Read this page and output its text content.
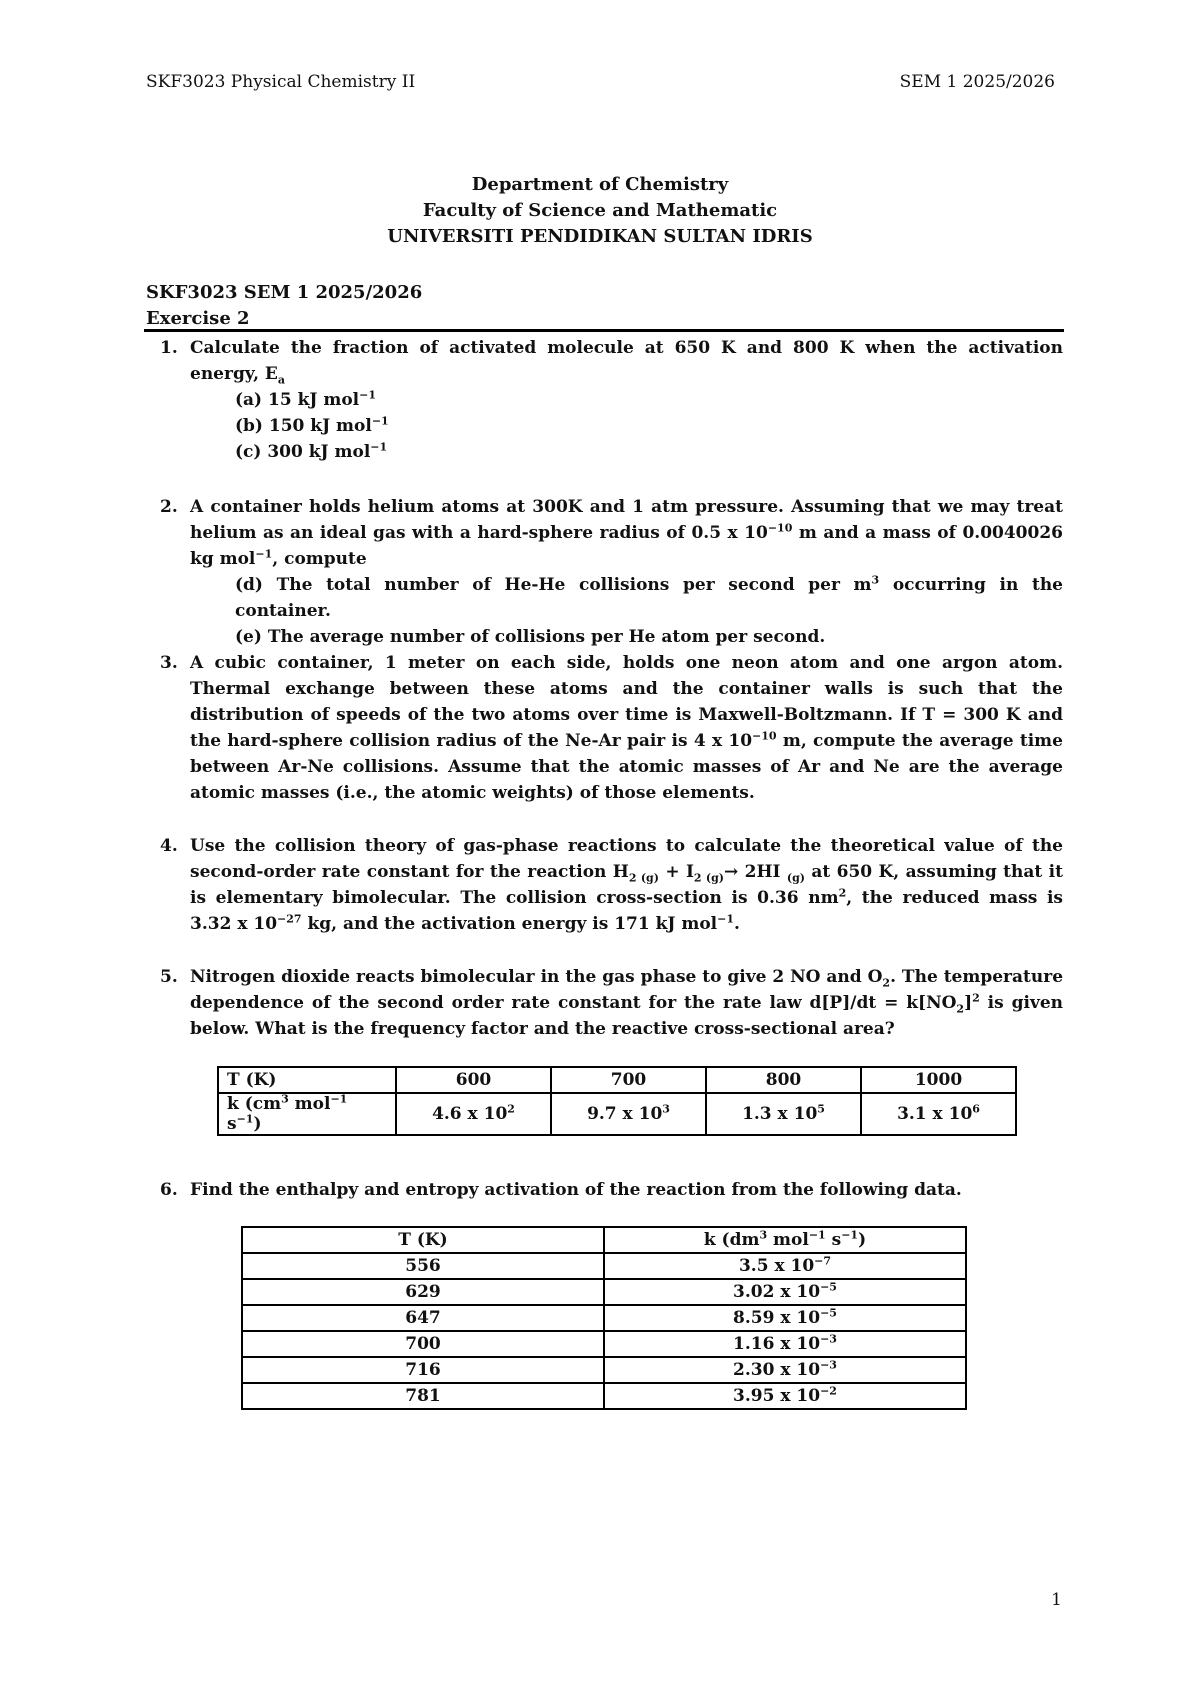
SKF3023 Physical Chemistry II	SEM 1 2025/2026
Department of Chemistry
Faculty of Science and Mathematic
UNIVERSITI PENDIDIKAN SULTAN IDRIS
SKF3023 SEM 1 2025/2026
Exercise 2
1. Calculate the fraction of activated molecule at 650 K and 800 K when the activation energy, $E_a$
(a) 15 kJ mol$^{-1}$
(b) 150 kJ mol$^{-1}$
(c) 300 kJ mol$^{-1}$
2. A container holds helium atoms at 300K and 1 atm pressure. Assuming that we may treat helium as an ideal gas with a hard-sphere radius of 0.5 x $10^{-10}$ m and a mass of 0.0040026 kg mol$^{-1}$, compute
(d) The total number of He-He collisions per second per $m^3$ occurring in the container.
(e) The average number of collisions per He atom per second.
3. A cubic container, 1 meter on each side, holds one neon atom and one argon atom. Thermal exchange between these atoms and the container walls is such that the distribution of speeds of the two atoms over time is Maxwell-Boltzmann. If T = 300 K and the hard-sphere collision radius of the Ne-Ar pair is 4 x $10^{-10}$ m, compute the average time between Ar-Ne collisions. Assume that the atomic masses of Ar and Ne are the average atomic masses (i.e., the atomic weights) of those elements.
4. Use the collision theory of gas-phase reactions to calculate the theoretical value of the second-order rate constant for the reaction $H_{2 (g)} + I_{2 (g)}\to 2HI$ $_{(g)}$ at 650 K, assuming that it is elementary bimolecular. The collision cross-section is 0.36 $nm^2$, the reduced mass is 3.32 x $10^{-27}$ kg, and the activation energy is 171 kJ mol$^{-1}$.
5. Nitrogen dioxide reacts bimolecular in the gas phase to give 2 NO and $O_2$. The temperature dependence of the second order rate constant for the rate law $d[P]/dt = k[NO_2]^2$ is given below. What is the frequency factor and the reactive cross-sectional area?
T (K)	600	700	800	1000
k ($cm^3$ mol$^{-1}$ $s^{-1}$)	4.6 x $10^2$	9.7 x $10^3$	1.3 x $10^5$	3.1 x $10^6$
6. Find the enthalpy and entropy activation of the reaction from the following data.
T (K)	k ($dm^3$ mol$^{-1}$ $s^{-1}$)
556	3.5 x $10^{-7}$
629	3.02 x $10^{-5}$
647	8.59 x $10^{-5}$
700	1.16 x $10^{-3}$
716	2.30 x $10^{-3}$
781	3.95 x $10^{-2}$
1
